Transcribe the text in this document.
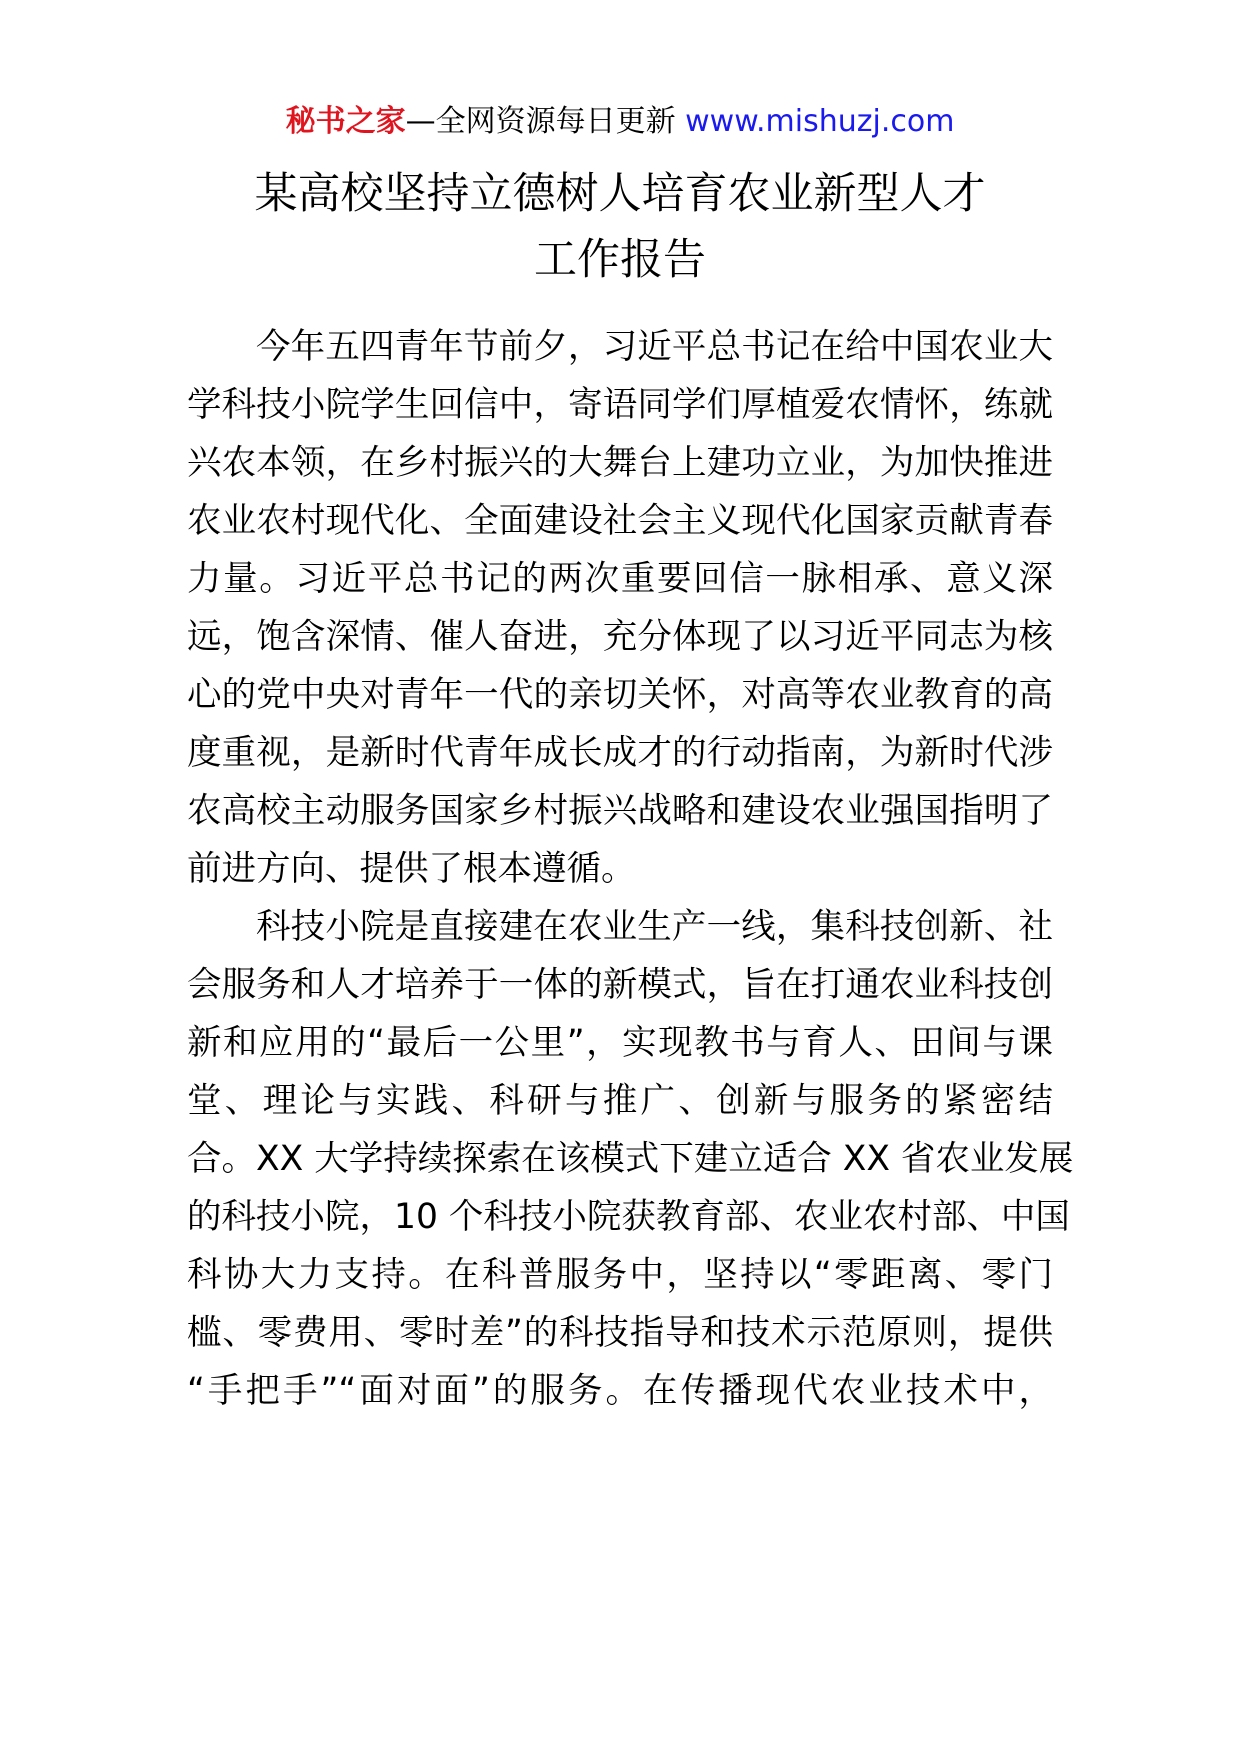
秘书之家—全网资源每日更新 www.mishuzj.com
某高校坚持立德树人培育农业新型人才
工作报告
今年五四青年节前夕，习近平总书记在给中国农业大
学科技小院学生回信中，寄语同学们厚植爱农情怀，练就
兴农本领，在乡村振兴的大舞台上建功立业，为加快推进
农业农村现代化、全面建设社会主义现代化国家贡献青春
力量。习近平总书记的两次重要回信一脉相承、意义深
远，饱含深情、催人奋进，充分体现了以习近平同志为核
心的党中央对青年一代的亲切关怀，对高等农业教育的高
度重视，是新时代青年成长成才的行动指南，为新时代涉
农高校主动服务国家乡村振兴战略和建设农业强国指明了
前进方向、提供了根本遵循。
科技小院是直接建在农业生产一线，集科技创新、社
会服务和人才培养于一体的新模式，旨在打通农业科技创
新和应用的“最后一公里”，实现教书与育人、田间与课
堂、理论与实践、科研与推广、创新与服务的紧密结
合。XX 大学持续探索在该模式下建立适合 XX 省农业发展
的科技小院，10 个科技小院获教育部、农业农村部、中国
科协大力支持。在科普服务中，坚持以“零距离、零门
槛、零费用、零时差”的科技指导和技术示范原则，提供
“手把手”“面对面”的服务。在传播现代农业技术中，
